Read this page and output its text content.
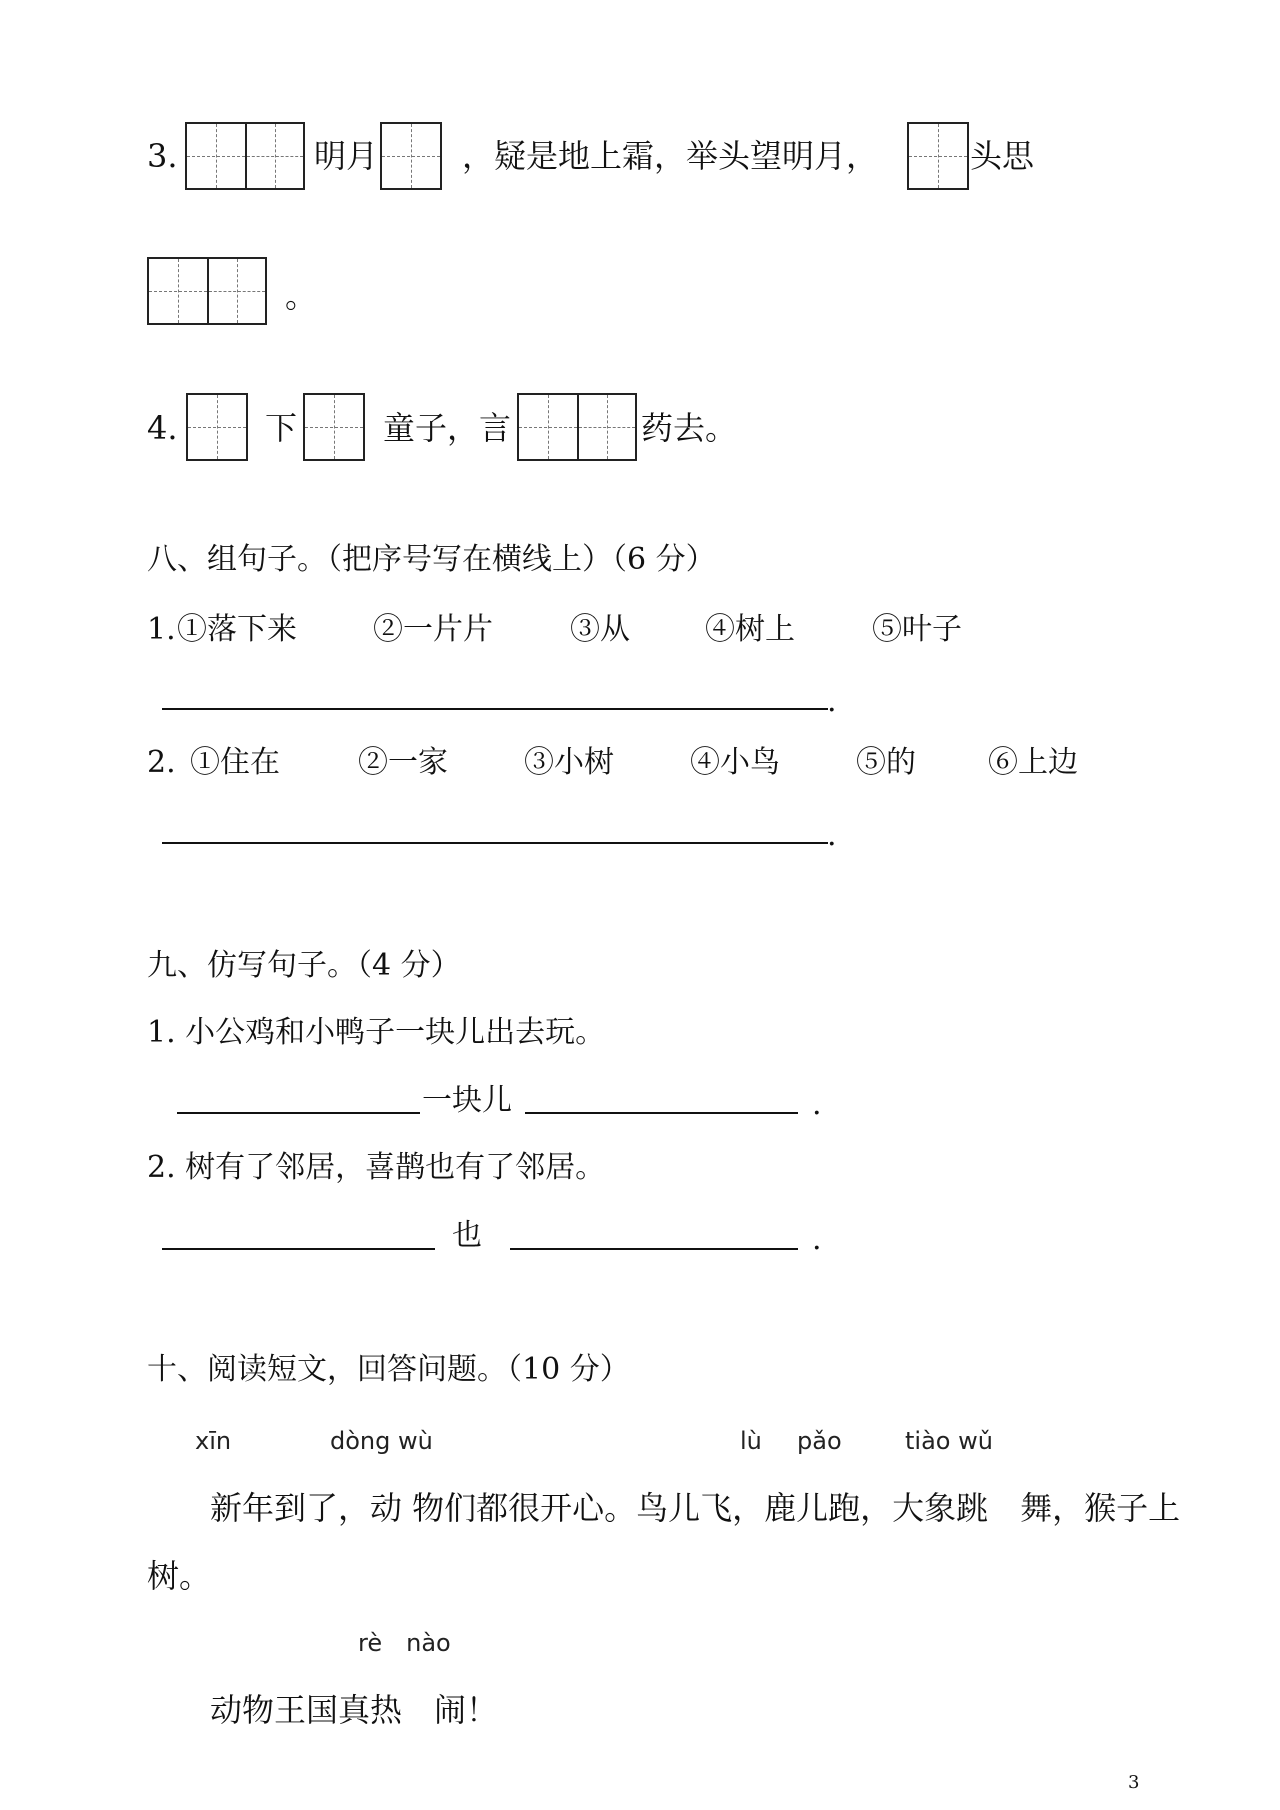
3.	明月	，疑是地上霜，举头望明月，	头思
。
4.	下	童子，言	药去。
八、组句子。（把序号写在横线上）（6 分）
1. ①落下来	②一片片	③从	④树上	⑤叶子
.
2. ①住在	②一家	③小树	④小鸟	⑤的 ⑥上边
.
九、仿写句子。（4 分）
1. 小公鸡和小鸭子一块儿出去玩。
一块儿	.
2. 树有了邻居，喜鹊也有了邻居。
也	.
十、阅读短文，回答问题。（10 分）
xīn	dòng wù	lù pǎo	tiào wǔ
新年到了，动 物们都很开心。鸟儿飞，鹿儿跑，大象跳　舞，猴子上
树。
rè　nào
动物王国真热　闹！
3
